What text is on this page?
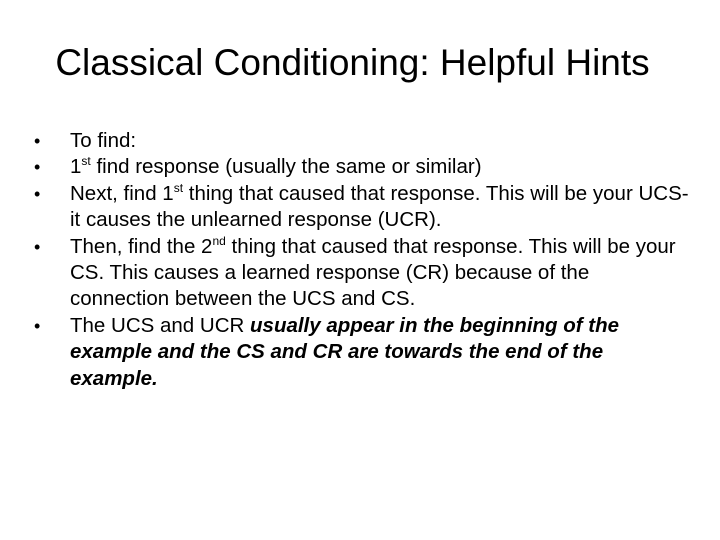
Classical Conditioning: Helpful Hints
•	To find:
•	1st find response (usually the same or similar)
•	Next, find 1st thing that caused that response. This will be your UCS- it causes the unlearned response (UCR).
•	Then, find the 2nd thing that caused that response. This will be your CS. This causes a learned response (CR) because of the connection between the UCS and CS.
•	The UCS and UCR usually appear in the beginning of the example and the CS and CR are towards the end of the example.
